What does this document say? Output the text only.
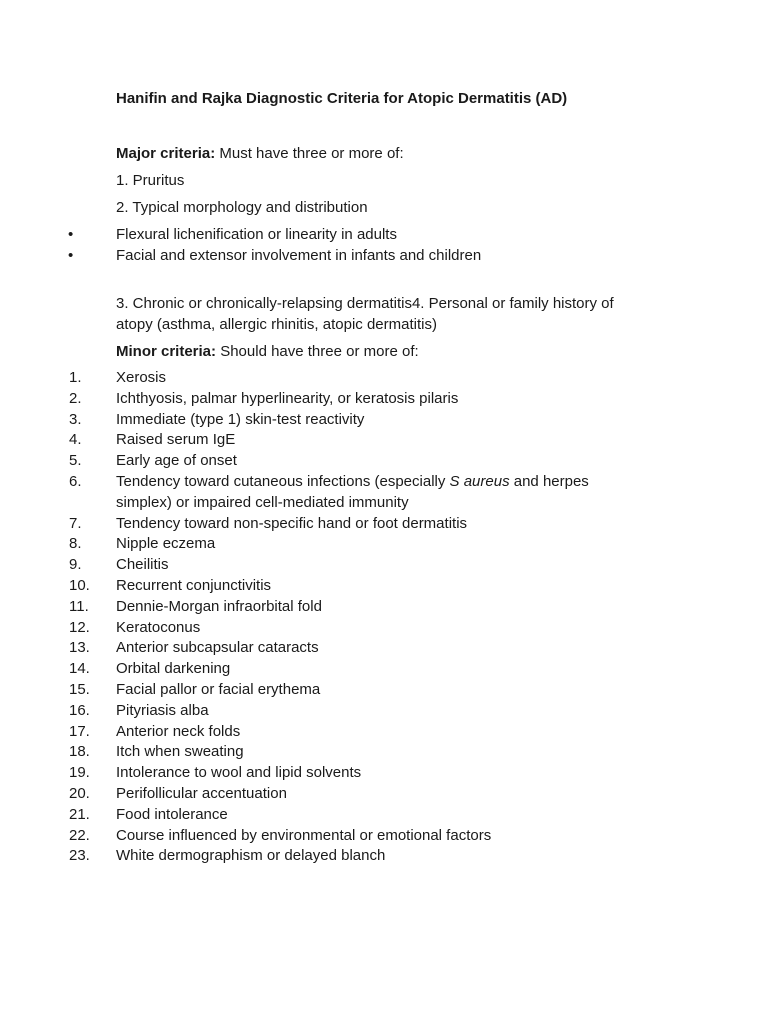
Hanifin and Rajka Diagnostic Criteria for Atopic Dermatitis (AD)
Major criteria: Must have three or more of:
1. Pruritus
2. Typical morphology and distribution
•	Flexural lichenification or linearity in adults
•	Facial and extensor involvement in infants and children
3. Chronic or chronically-relapsing dermatitis4. Personal or family history of atopy (asthma, allergic rhinitis, atopic dermatitis)
Minor criteria: Should have three or more of:
1. Xerosis
2. Ichthyosis, palmar hyperlinearity, or keratosis pilaris
3. Immediate (type 1) skin-test reactivity
4. Raised serum IgE
5. Early age of onset
6. Tendency toward cutaneous infections (especially S aureus and herpes simplex) or impaired cell-mediated immunity
7. Tendency toward non-specific hand or foot dermatitis
8. Nipple eczema
9. Cheilitis
10. Recurrent conjunctivitis
11. Dennie-Morgan infraorbital fold
12. Keratoconus
13. Anterior subcapsular cataracts
14. Orbital darkening
15. Facial pallor or facial erythema
16. Pityriasis alba
17. Anterior neck folds
18. Itch when sweating
19. Intolerance to wool and lipid solvents
20. Perifollicular accentuation
21. Food intolerance
22. Course influenced by environmental or emotional factors
23. White dermographism or delayed blanch
